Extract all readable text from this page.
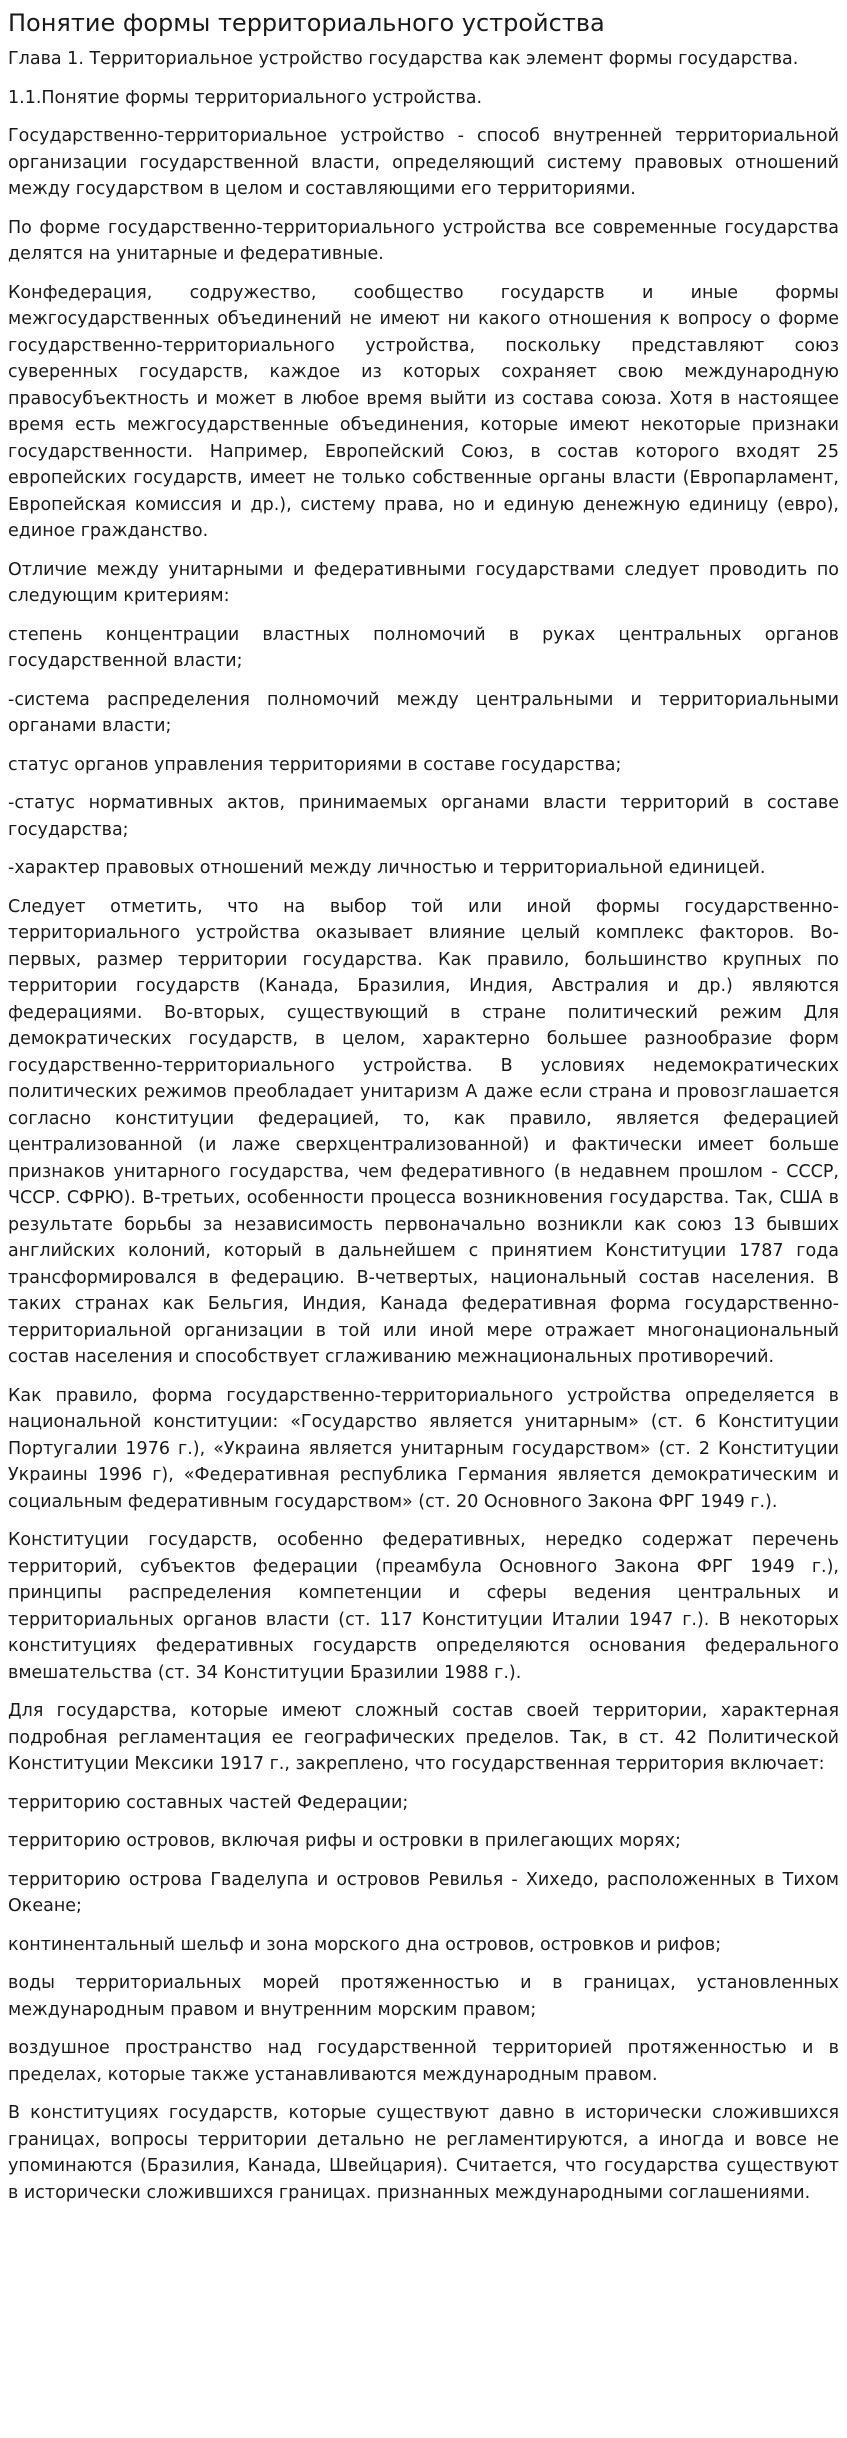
Понятие формы территориального устройства

Глава 1. Территориальное устройство государства как элемент формы государства.

1.1.Понятие формы территориального устройства.

Государственно-территориальное устройство - способ внутренней территориальной организации государственной власти, определяющий систему правовых отношений между государством в целом и составляющими его территориями.

По форме государственно-территориального устройства все современные государства делятся на унитарные и федеративные.

Конфедерация, содружество, сообщество государств и иные формы межгосударственных объединений не имеют ни какого отношения к вопросу о форме государственно-территориального устройства, поскольку представляют союз суверенных государств, каждое из которых сохраняет свою международную правосубъектность и может в любое время выйти из состава союза. Хотя в настоящее время есть межгосударственные объединения, которые имеют некоторые признаки государственности. Например, Европейский Союз, в состав которого входят 25 европейских государств, имеет не только собственные органы власти (Европарламент, Европейская комиссия и др.), систему права, но и единую денежную единицу (евро), единое гражданство.

Отличие между унитарными и федеративными государствами следует проводить по следующим критериям:

степень концентрации властных полномочий в руках центральных органов государственной власти;

-система распределения полномочий между центральными и территориальными органами власти;

статус органов управления территориями в составе государства;

-статус нормативных актов, принимаемых органами власти территорий в составе государства;

-характер правовых отношений между личностью и территориальной единицей.

Следует отметить, что на выбор той или иной формы государственно-территориального устройства оказывает влияние целый комплекс факторов. Во-первых, размер территории государства. Как правило, большинство крупных по территории государств (Канада, Бразилия, Индия, Австралия и др.) являются федерациями. Во-вторых, существующий в стране политический режим Для демократических государств, в целом, характерно большее разнообразие форм государственно-территориального устройства. В условиях недемократических политических режимов преобладает унитаризм А даже если страна и провозглашается согласно конституции федерацией, то, как правило, является федерацией централизованной (и лаже сверхцентрализованной) и фактически имеет больше признаков унитарного государства, чем федеративного (в недавнем прошлом - СССР, ЧССР. СФРЮ). В-третьих, особенности процесса возникновения государства. Так, США в результате борьбы за независимость первоначально возникли как союз 13 бывших английских колоний, который в дальнейшем с принятием Конституции 1787 года трансформировался в федерацию. В-четвертых, национальный состав населения. В таких странах как Бельгия, Индия, Канада федеративная форма государственно-территориальной организации в той или иной мере отражает многонациональный состав населения и способствует сглаживанию межнациональных противоречий.

Как правило, форма государственно-территориального устройства определяется в национальной конституции: «Государство является унитарным» (ст. 6 Конституции Португалии 1976 г.), «Украина является унитарным государством» (ст. 2 Конституции Украины 1996 г), «Федеративная республика Германия является демократическим и социальным федеративным государством» (ст. 20 Основного Закона ФРГ 1949 г.).

Конституции государств, особенно федеративных, нередко содержат перечень территорий, субъектов федерации (преамбула Основного Закона ФРГ 1949 г.), принципы распределения компетенции и сферы ведения центральных и территориальных органов власти (ст. 117 Конституции Италии 1947 г.). В некоторых конституциях федеративных государств определяются основания федерального вмешательства (ст. 34 Конституции Бразилии 1988 г.).

Для государства, которые имеют сложный состав своей территории, характерная подробная регламентация ее географических пределов. Так, в ст. 42 Политической Конституции Мексики 1917 г., закреплено, что государственная территория включает:

территорию составных частей Федерации;

территорию островов, включая рифы и островки в прилегающих морях;

территорию острова Гваделупа и островов Ревилья - Хихедо, расположенных в Тихом Океане;

континентальный шельф и зона морского дна островов, островков и рифов;

воды территориальных морей протяженностью и в границах, установленных международным правом и внутренним морским правом;

воздушное пространство над государственной территорией протяженностью и в пределах, которые также устанавливаются международным правом.

В конституциях государств, которые существуют давно в исторически сложившихся границах, вопросы территории детально не регламентируются, а иногда и вовсе не упоминаются (Бразилия, Канада, Швейцария). Считается, что государства существуют в исторически сложившихся границах. признанных международными соглашениями.
